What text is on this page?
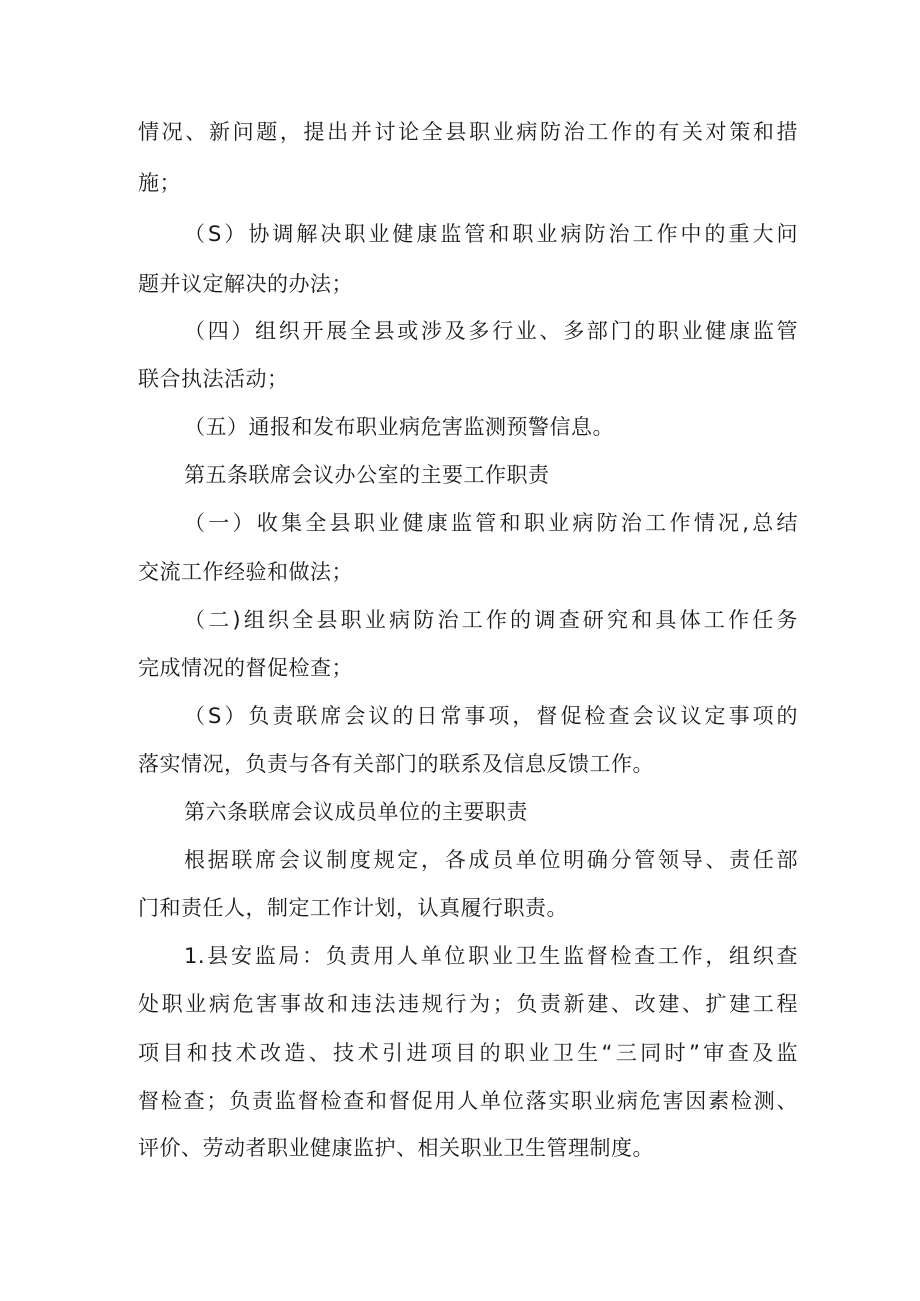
情况、新问题，提出并讨论全县职业病防治工作的有关对策和措
施；
（S）协调解决职业健康监管和职业病防治工作中的重大问
题并议定解决的办法；
（四）组织开展全县或涉及多行业、多部门的职业健康监管
联合执法活动；
（五）通报和发布职业病危害监测预警信息。
第五条联席会议办公室的主要工作职责
（一）收集全县职业健康监管和职业病防治工作情况,总结
交流工作经验和做法；
（二)组织全县职业病防治工作的调查研究和具体工作任务
完成情况的督促检查；
（S）负责联席会议的日常事项，督促检查会议议定事项的
落实情况，负责与各有关部门的联系及信息反馈工作。
第六条联席会议成员单位的主要职责
根据联席会议制度规定，各成员单位明确分管领导、责任部
门和责任人，制定工作计划，认真履行职责。
1.县安监局：负责用人单位职业卫生监督检查工作，组织查
处职业病危害事故和违法违规行为；负责新建、改建、扩建工程
项目和技术改造、技术引进项目的职业卫生“三同时”审查及监
督检查；负责监督检查和督促用人单位落实职业病危害因素检测、
评价、劳动者职业健康监护、相关职业卫生管理制度。
